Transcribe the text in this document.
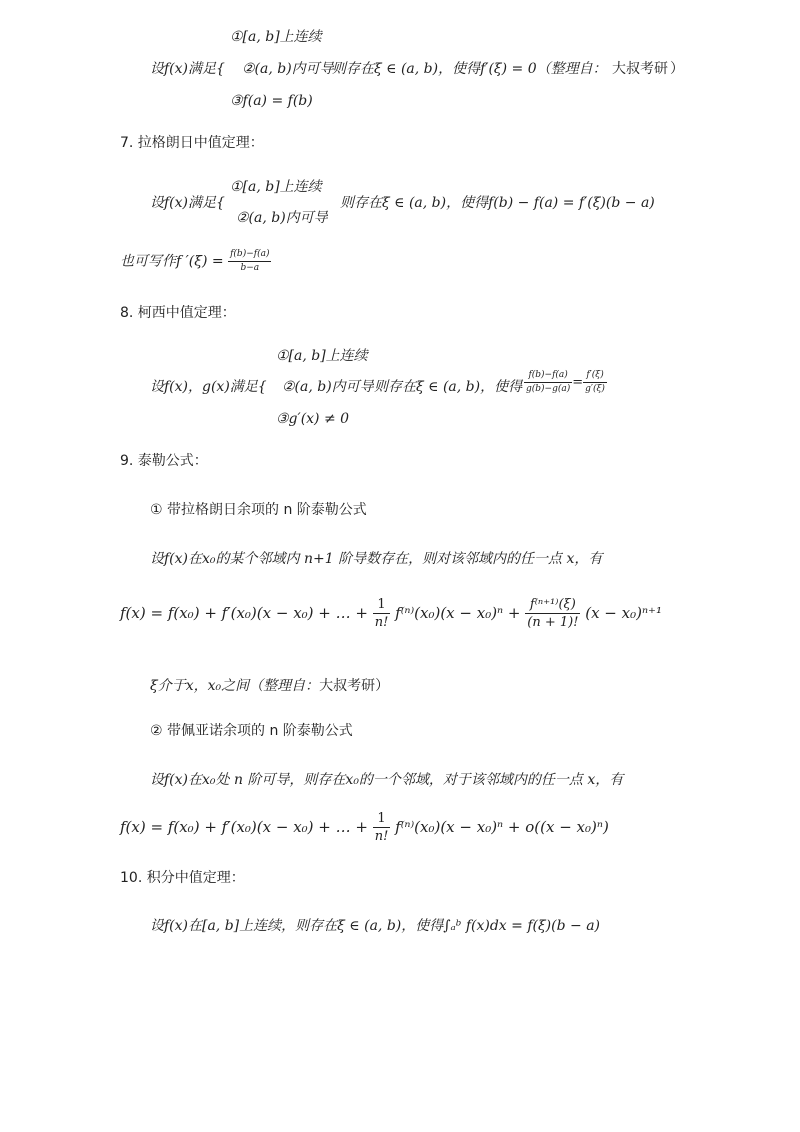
①[a, b]上连续
设f(x)满足{ ②(a, b)内可导
则存在ξ ∈ (a, b)，使得f′(ξ) = 0（整理自： 大叔考研 ）
③f(a) = f(b)
7. 拉格朗日中值定理：
①[a, b]上连续
设f(x)满足{
②(a, b)内可导
则存在ξ ∈ (a, b)，使得f(b) − f(a) = f′(ξ)(b − a)
也可写作f $'(\xi) = \frac{f(b)-f(a)}{b-a}$
8. 柯西中值定理：
①[a, b]上连续
设f(x)，g(x)满足{ ②(a, b)内可导 则存在ξ ∈ (a, b)，使得 $\frac{f(b)-f(a)}{g(b)-g(a)} = \frac{f'(\xi)}{g'(\xi)}$
③g′(x) ≠ 0
9. 泰勒公式：
① 带拉格朗日余项的 n 阶泰勒公式
设f(x)在x₀的某个邻域内 n+1 阶导数存在，则对该邻域内的任一点 x，有
f(x) = f(x₀) + f′(x₀)(x − x₀) + … + $\frac{1}{n!} f^{(n)}(x_0)(x - x_0)^n + \frac{\text{f⁽ⁿ⁺¹⁾(ξ)}}{(n + 1)!} (x - x_0)^{n+1}$
ξ介于x，x₀之间（整理自：大叔考研）
② 带佩亚诺余项的 n 阶泰勒公式
设f(x)在x₀处 n 阶可导，则存在x₀的一个邻域，对于该邻域内的任一点 x，有
f(x) = f(x₀) + f′(x₀)(x − x₀) + … + $\frac{1}{n!} f^{(n)}(x_0)(x - x_0)^n + o((x - x_0)^n)$
10. 积分中值定理：
设f(x)在[a, b]上连续，则存在ξ ∈ (a, b)，使得∫ₐᵇ f(x)dx = f(ξ)(b − a)
